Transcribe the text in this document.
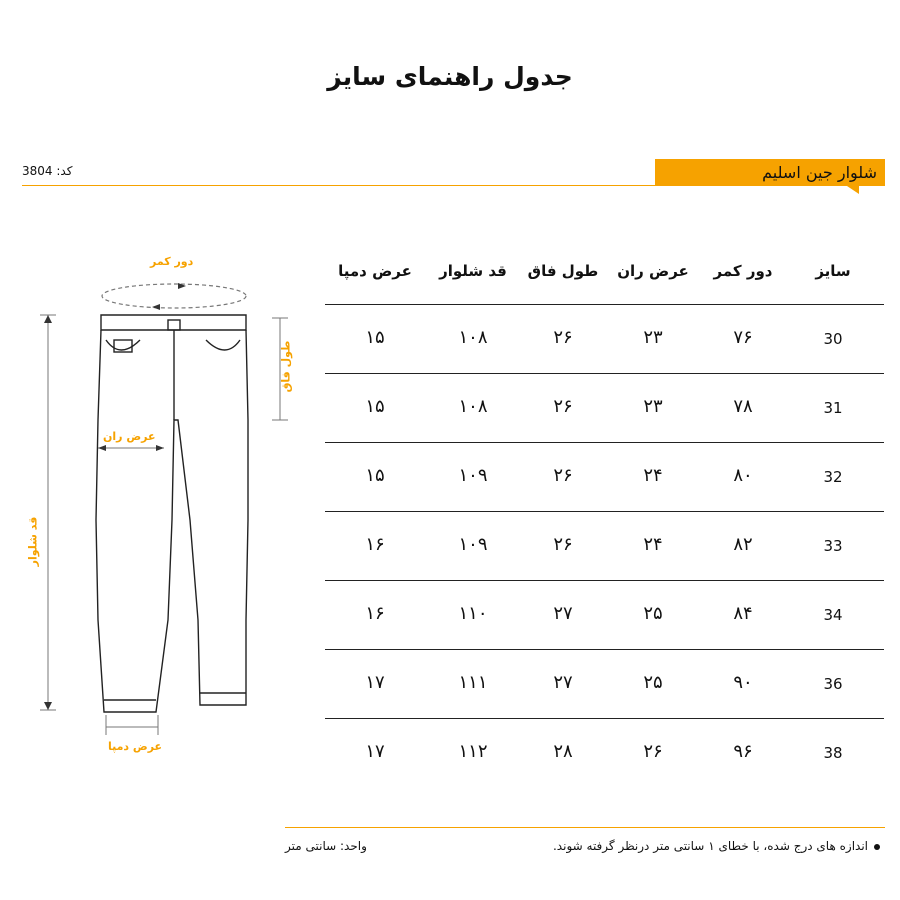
جدول راهنمای سایز
شلوار جین اسلیم
کد: 3804
دور کمر
طول فاق
عرض ران
قد شلوار
عرض دمپا
سایز
دور کمر
عرض ران
طول فاق
قد شلوار
عرض دمپا
30
۷۶
۲۳
۲۶
۱۰۸
۱۵
31
۷۸
۲۳
۲۶
۱۰۸
۱۵
32
۸۰
۲۴
۲۶
۱۰۹
۱۵
33
۸۲
۲۴
۲۶
۱۰۹
۱۶
34
۸۴
۲۵
۲۷
۱۱۰
۱۶
36
۹۰
۲۵
۲۷
۱۱۱
۱۷
38
۹۶
۲۶
۲۸
۱۱۲
۱۷
اندازه های درج شده، با خطای ۱ سانتی متر درنظر گرفته شوند.
واحد: سانتی متر
